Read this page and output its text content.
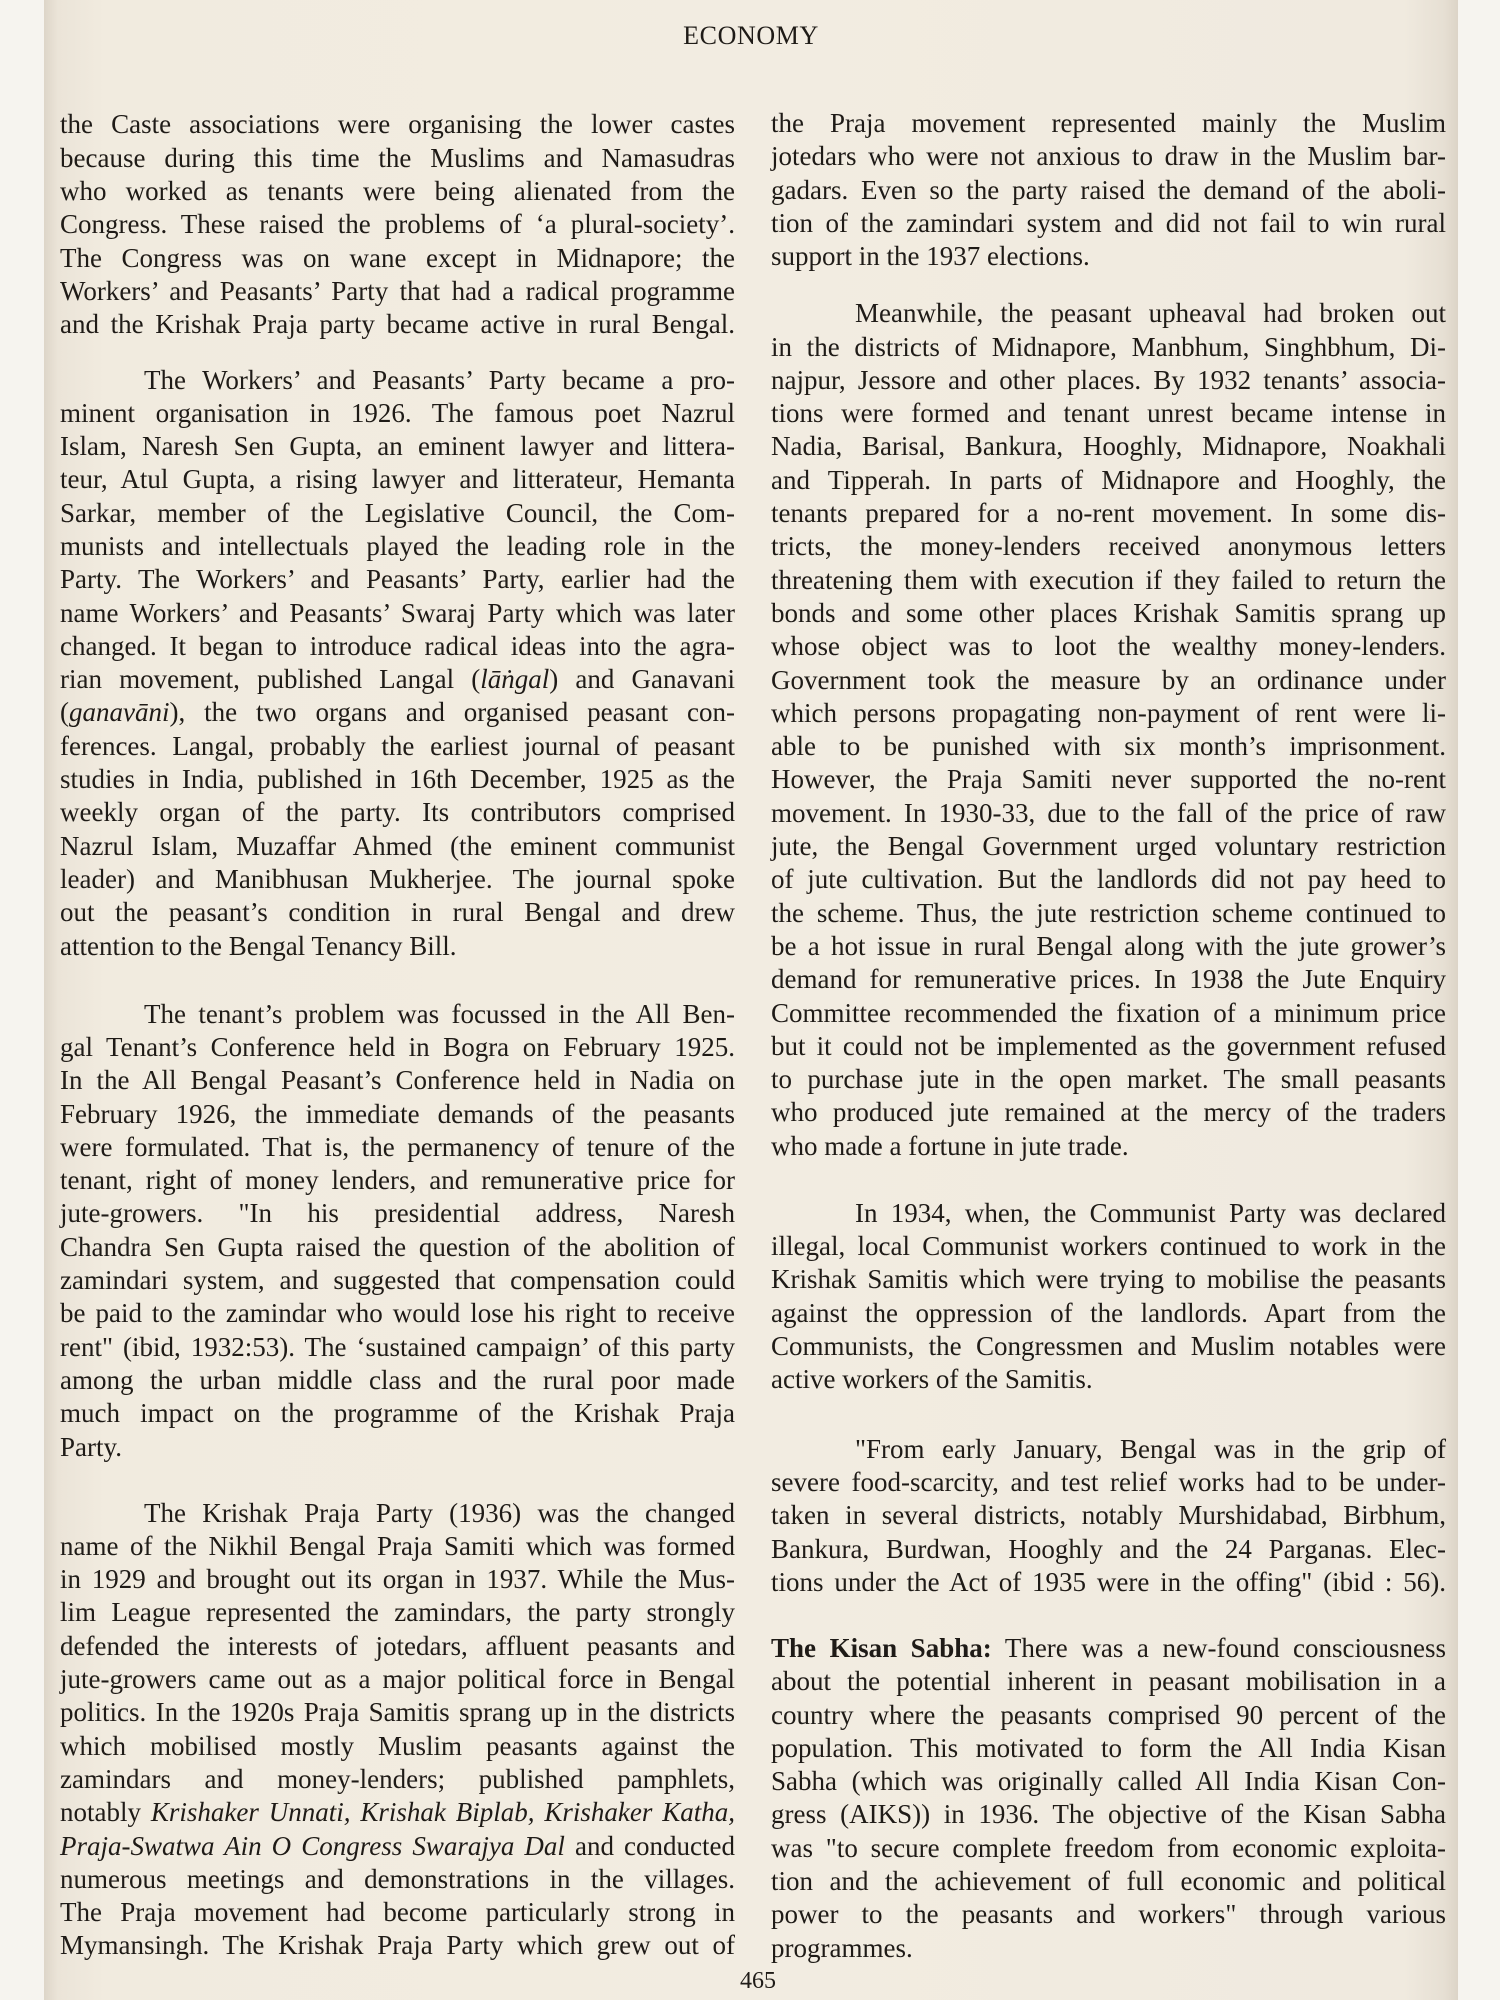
ECONOMY
the Caste associations were organising the lower castes
because during this time the Muslims and Namasudras
who worked as tenants were being alienated from the
Congress. These raised the problems of ‘a plural-society’.
The Congress was on wane except in Midnapore; the
Workers’ and Peasants’ Party that had a radical programme
and the Krishak Praja party became active in rural Bengal.
The Workers’ and Peasants’ Party became a pro-
minent organisation in 1926. The famous poet Nazrul
Islam, Naresh Sen Gupta, an eminent lawyer and littera-
teur, Atul Gupta, a rising lawyer and litterateur, Hemanta
Sarkar, member of the Legislative Council, the Com-
munists and intellectuals played the leading role in the
Party. The Workers’ and Peasants’ Party, earlier had the
name Workers’ and Peasants’ Swaraj Party which was later
changed. It began to introduce radical ideas into the agra-
rian movement, published Langal (lāṅgal) and Ganavani
(ganavāni), the two organs and organised peasant con-
ferences. Langal, probably the earliest journal of peasant
studies in India, published in 16th December, 1925 as the
weekly organ of the party. Its contributors comprised
Nazrul Islam, Muzaffar Ahmed (the eminent communist
leader) and Manibhusan Mukherjee. The journal spoke
out the peasant’s condition in rural Bengal and drew
attention to the Bengal Tenancy Bill.
The tenant’s problem was focussed in the All Ben-
gal Tenant’s Conference held in Bogra on February 1925.
In the All Bengal Peasant’s Conference held in Nadia on
February 1926, the immediate demands of the peasants
were formulated. That is, the permanency of tenure of the
tenant, right of money lenders, and remunerative price for
jute-growers. "In his presidential address, Naresh
Chandra Sen Gupta raised the question of the abolition of
zamindari system, and suggested that compensation could
be paid to the zamindar who would lose his right to receive
rent" (ibid, 1932:53). The ‘sustained campaign’ of this party
among the urban middle class and the rural poor made
much impact on the programme of the Krishak Praja
Party.
The Krishak Praja Party (1936) was the changed
name of the Nikhil Bengal Praja Samiti which was formed
in 1929 and brought out its organ in 1937. While the Mus-
lim League represented the zamindars, the party strongly
defended the interests of jotedars, affluent peasants and
jute-growers came out as a major political force in Bengal
politics. In the 1920s Praja Samitis sprang up in the districts
which mobilised mostly Muslim peasants against the
zamindars and money-lenders; published pamphlets,
notably Krishaker Unnati, Krishak Biplab, Krishaker Katha,
Praja-Swatwa Ain O Congress Swarajya Dal and conducted
numerous meetings and demonstrations in the villages.
The Praja movement had become particularly strong in
Mymansingh. The Krishak Praja Party which grew out of
the Praja movement represented mainly the Muslim
jotedars who were not anxious to draw in the Muslim bar-
gadars. Even so the party raised the demand of the aboli-
tion of the zamindari system and did not fail to win rural
support in the 1937 elections.
Meanwhile, the peasant upheaval had broken out
in the districts of Midnapore, Manbhum, Singhbhum, Di-
najpur, Jessore and other places. By 1932 tenants’ associa-
tions were formed and tenant unrest became intense in
Nadia, Barisal, Bankura, Hooghly, Midnapore, Noakhali
and Tipperah. In parts of Midnapore and Hooghly, the
tenants prepared for a no-rent movement. In some dis-
tricts, the money-lenders received anonymous letters
threatening them with execution if they failed to return the
bonds and some other places Krishak Samitis sprang up
whose object was to loot the wealthy money-lenders.
Government took the measure by an ordinance under
which persons propagating non-payment of rent were li-
able to be punished with six month’s imprisonment.
However, the Praja Samiti never supported the no-rent
movement. In 1930-33, due to the fall of the price of raw
jute, the Bengal Government urged voluntary restriction
of jute cultivation. But the landlords did not pay heed to
the scheme. Thus, the jute restriction scheme continued to
be a hot issue in rural Bengal along with the jute grower’s
demand for remunerative prices. In 1938 the Jute Enquiry
Committee recommended the fixation of a minimum price
but it could not be implemented as the government refused
to purchase jute in the open market. The small peasants
who produced jute remained at the mercy of the traders
who made a fortune in jute trade.
In 1934, when, the Communist Party was declared
illegal, local Communist workers continued to work in the
Krishak Samitis which were trying to mobilise the peasants
against the oppression of the landlords. Apart from the
Communists, the Congressmen and Muslim notables were
active workers of the Samitis.
"From early January, Bengal was in the grip of
severe food-scarcity, and test relief works had to be under-
taken in several districts, notably Murshidabad, Birbhum,
Bankura, Burdwan, Hooghly and the 24 Parganas. Elec-
tions under the Act of 1935 were in the offing" (ibid : 56).
The Kisan Sabha: There was a new-found consciousness
about the potential inherent in peasant mobilisation in a
country where the peasants comprised 90 percent of the
population. This motivated to form the All India Kisan
Sabha (which was originally called All India Kisan Con-
gress (AIKS)) in 1936. The objective of the Kisan Sabha
was "to secure complete freedom from economic exploita-
tion and the achievement of full economic and political
power to the peasants and workers" through various
programmes.
465
